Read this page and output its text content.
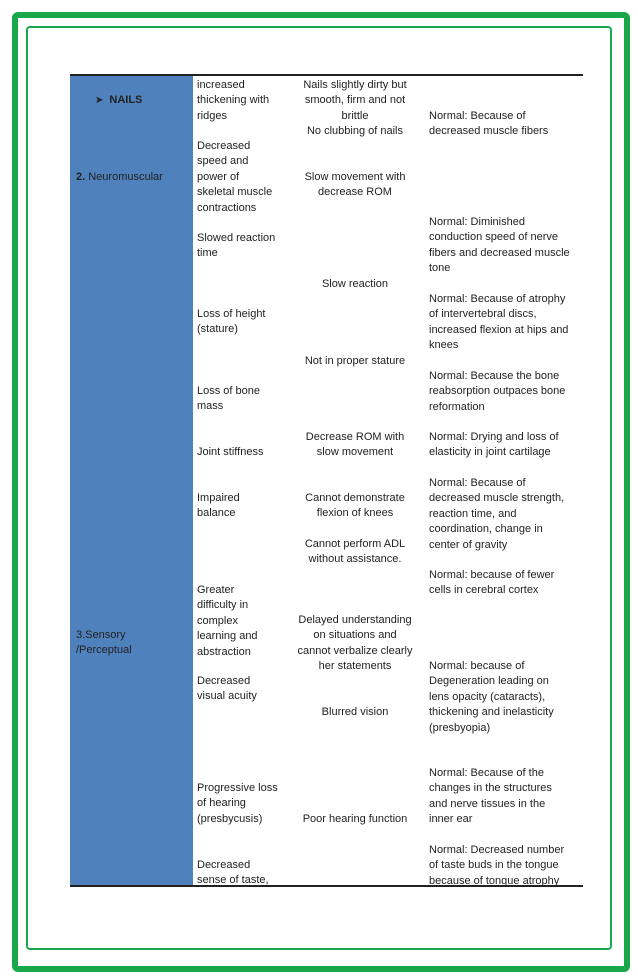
➤ NAILS
2. Neuromuscular
3.Sensory
/Perceptual
increased
thickening with
ridges
Nails slightly dirty but
smooth, firm and not
brittle
No clubbing of nails
Normal: Because of
decreased muscle fibers
Decreased
speed and
power of
skeletal muscle
contractions
Slow movement with
decrease ROM
Slowed reaction
time
Normal: Diminished
conduction speed of nerve
fibers and decreased muscle
tone
Slow reaction
Loss of height
(stature)
Normal: Because of atrophy
of intervertebral discs,
increased flexion at hips and
knees
Not in proper stature
Loss of bone
mass
Normal: Because the bone
reabsorption outpaces bone
reformation
Decrease ROM with
slow movement
Normal: Drying and loss of
elasticity in joint cartilage
Joint stiffness
Normal: Because of
decreased muscle strength,
reaction time, and
coordination, change in
center of gravity
Impaired
balance
Cannot demonstrate
flexion of knees
Cannot perform ADL
without assistance.
Normal: because of fewer
cells in cerebral cortex
Greater
difficulty in
complex
learning and
abstraction
Delayed understanding
on situations and
cannot verbalize clearly
her statements	Normal: because of
Degeneration leading on
lens opacity (cataracts),
thickening and inelasticity
(presbyopia)
Decreased
visual acuity
Blurred vision
Normal: Because of the
changes in the structures
and nerve tissues in the
inner ear
Progressive loss
of hearing
(presbycusis)	Poor hearing function
Normal: Decreased number
of taste buds in the tongue
because of tongue atrophy
Decreased
sense of taste,
